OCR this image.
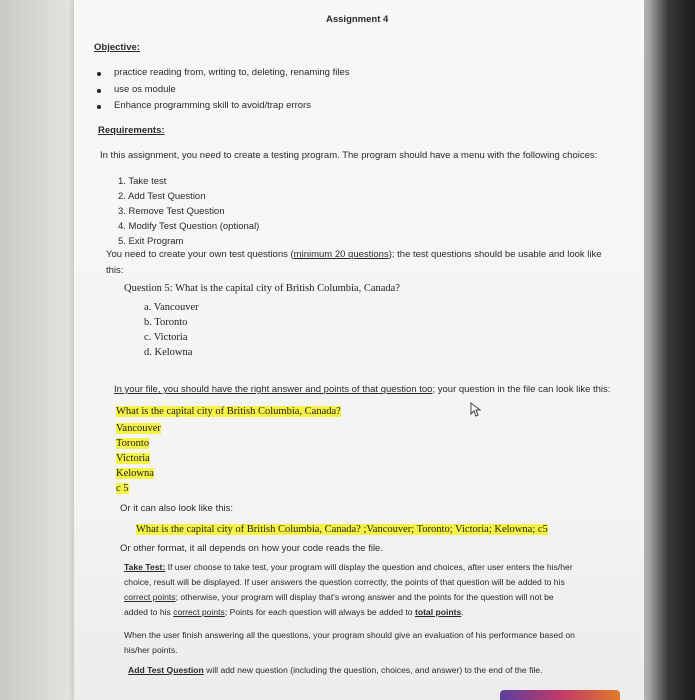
Assignment 4
Objective:
practice reading from, writing to, deleting, renaming files
use os module
Enhance programming skill to avoid/trap errors
Requirements:
In this assignment, you need to create a testing program. The program should have a menu with the following choices:
1. Take test
2. Add Test Question
3. Remove Test Question
4. Modify Test Question (optional)
5. Exit Program
You need to create your own test questions (minimum 20 questions); the test questions should be usable and look like
this:
Question 5: What is the capital city of British Columbia, Canada?
a. Vancouver
b. Toronto
c. Victoria
d. Kelowna
In your file, you should have the right answer and points of that question too; your question in the file can look like this:
What is the capital city of British Columbia, Canada?
Vancouver
Toronto
Victoria
Kelowna
c 5
Or it can also look like this:
What is the capital city of British Columbia, Canada? ;Vancouver; Toronto; Victoria; Kelowna; c5
Or other format, it all depends on how your code reads the file.
Take Test: If user choose to take test, your program will display the question and choices, after user enters the his/her
choice, result will be displayed. If user answers the question correctly, the points of that question will be added to his
correct points; otherwise, your program will display that's wrong answer and the points for the question will not be
added to his correct points; Points for each question will always be added to total points.
When the user finish answering all the questions, your program should give an evaluation of his performance based on
his/her points.
Add Test Question will add new question (including the question, choices, and answer) to the end of the file.
